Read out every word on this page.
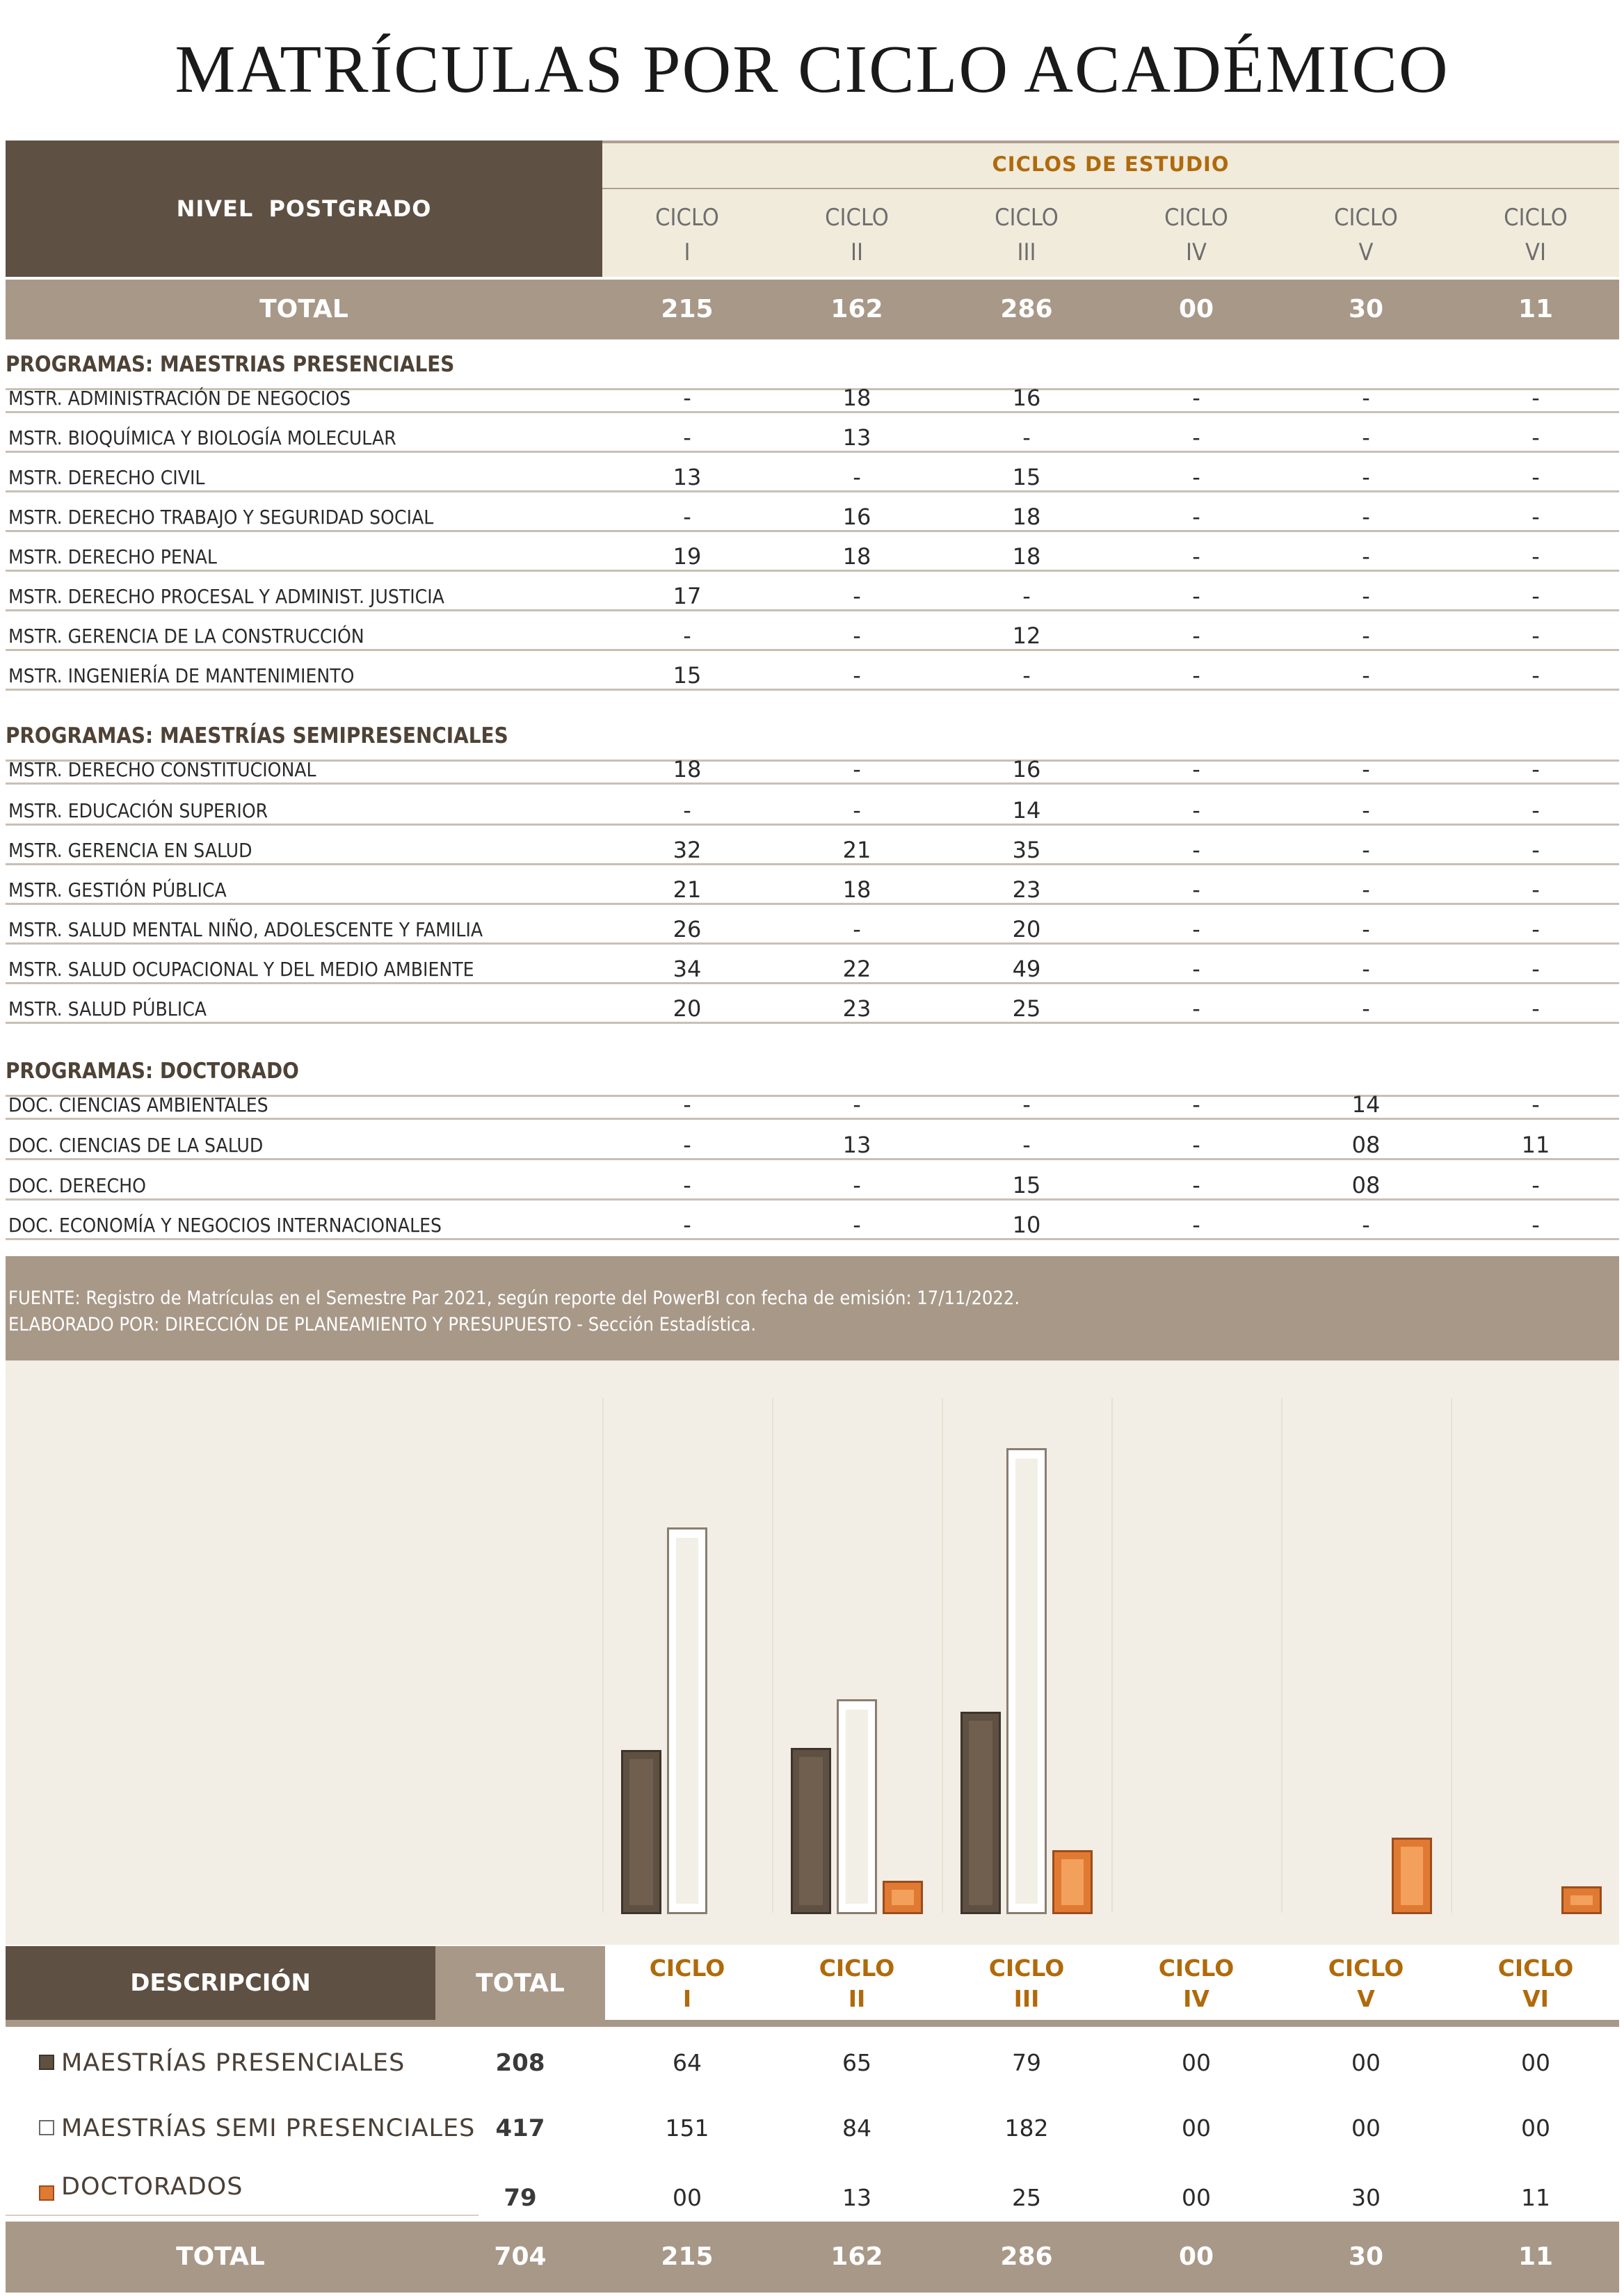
MATRÍCULAS POR CICLO ACADÉMICO
NIVEL POSTGRADO
CICLOS DE ESTUDIO
CICLO
I
CICLO
II
CICLO
III
CICLO
IV
CICLO
V
CICLO
VI
TOTAL	215	162	286	00	30	11
PROGRAMAS: MAESTRIAS PRESENCIALES
MSTR. ADMINISTRACIÓN DE NEGOCIOS	-	18	16	-	-	-
MSTR. BIOQUÍMICA Y BIOLOGÍA MOLECULAR	-	13	-	-	-	-
MSTR. DERECHO CIVIL	13	-	15	-	-	-
MSTR. DERECHO TRABAJO Y SEGURIDAD SOCIAL	-	16	18	-	-	-
MSTR. DERECHO PENAL	19	18	18	-	-	-
MSTR. DERECHO PROCESAL Y ADMINIST. JUSTICIA	17	-	-	-	-	-
MSTR. GERENCIA DE LA CONSTRUCCIÓN	-	-	12	-	-	-
MSTR. INGENIERÍA DE MANTENIMIENTO	15	-	-	-	-	-
PROGRAMAS: MAESTRÍAS SEMIPRESENCIALES
MSTR. DERECHO CONSTITUCIONAL	18	-	16	-	-	-
MSTR. EDUCACIÓN SUPERIOR	-	-	14	-	-	-
MSTR. GERENCIA EN SALUD	32	21	35	-	-	-
MSTR. GESTIÓN PÚBLICA	21	18	23	-	-	-
MSTR. SALUD MENTAL NIÑO, ADOLESCENTE Y FAMILIA	26	-	20	-	-	-
MSTR. SALUD OCUPACIONAL Y DEL MEDIO AMBIENTE	34	22	49	-	-	-
MSTR. SALUD PÚBLICA	20	23	25	-	-	-
PROGRAMAS: DOCTORADO
DOC. CIENCIAS AMBIENTALES	-	-	-	-	14	-
DOC. CIENCIAS DE LA SALUD	-	13	-	-	08	11
DOC. DERECHO	-	-	15	-	08	-
DOC. ECONOMÍA Y NEGOCIOS INTERNACIONALES	-	-	10	-	-	-
FUENTE: Registro de Matrículas en el Semestre Par 2021, según reporte del PowerBI con fecha de emisión: 17/11/2022.
ELABORADO POR: DIRECCIÓN DE PLANEAMIENTO Y PRESUPUESTO - Sección Estadística.
DESCRIPCIÓN	TOTAL
CICLO
I
CICLO
II
CICLO
III
CICLO
IV
CICLO
V
CICLO
VI
MAESTRÍAS PRESENCIALES	208	64	65	79	00	00	00
MAESTRÍAS SEMI PRESENCIALES 417	151	84	182	00	00	00
DOCTORADOS	79	00	13	25	00	30	11
TOTAL	704	215	162	286	00	30	11
